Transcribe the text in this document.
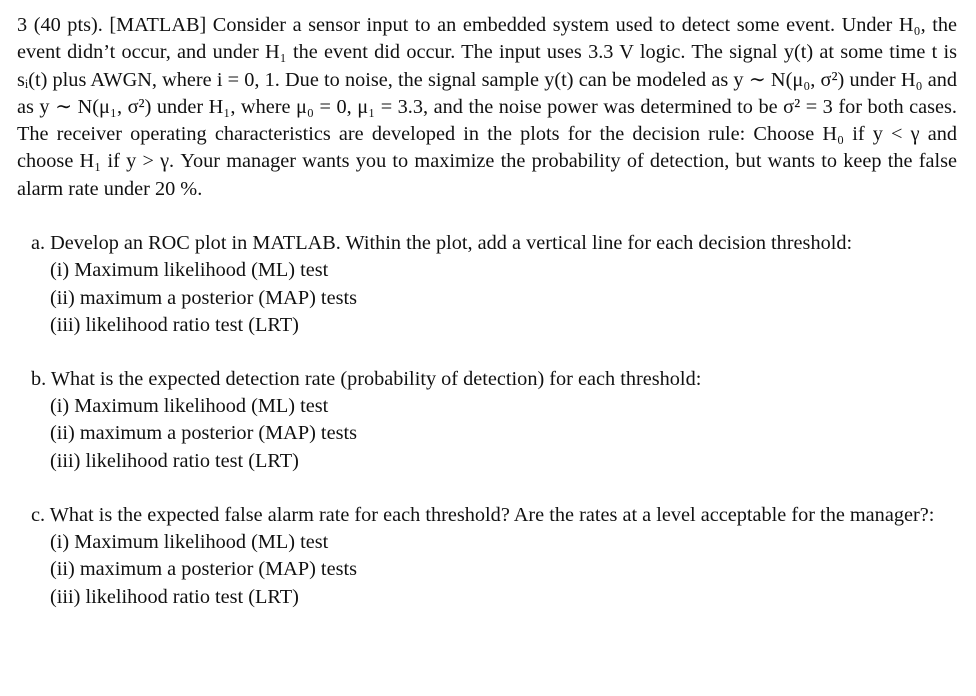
3 (40 pts). [MATLAB] Consider a sensor input to an embedded system used to detect some event. Under H₀, the event didn’t occur, and under H₁ the event did occur. The input uses 3.3 V logic. The signal y(t) at some time t is sᵢ(t) plus AWGN, where i = 0, 1. Due to noise, the signal sample y(t) can be modeled as y ∼ N(μ₀, σ²) under H₀ and as y ∼ N(μ₁, σ²) under H₁, where μ₀ = 0, μ₁ = 3.3, and the noise power was determined to be σ² = 3 for both cases. The receiver operating characteristics are developed in the plots for the decision rule: Choose H₀ if y < γ and choose H₁ if y > γ. Your manager wants you to maximize the probability of detection, but wants to keep the false alarm rate under 20 %.

a. Develop an ROC plot in MATLAB. Within the plot, add a vertical line for each decision threshold:

(i) Maximum likelihood (ML) test

(ii) maximum a posterior (MAP) tests

(iii) likelihood ratio test (LRT)

b. What is the expected detection rate (probability of detection) for each threshold:

(i) Maximum likelihood (ML) test

(ii) maximum a posterior (MAP) tests

(iii) likelihood ratio test (LRT)

c. What is the expected false alarm rate for each threshold? Are the rates at a level acceptable for the manager?:

(i) Maximum likelihood (ML) test

(ii) maximum a posterior (MAP) tests

(iii) likelihood ratio test (LRT)
